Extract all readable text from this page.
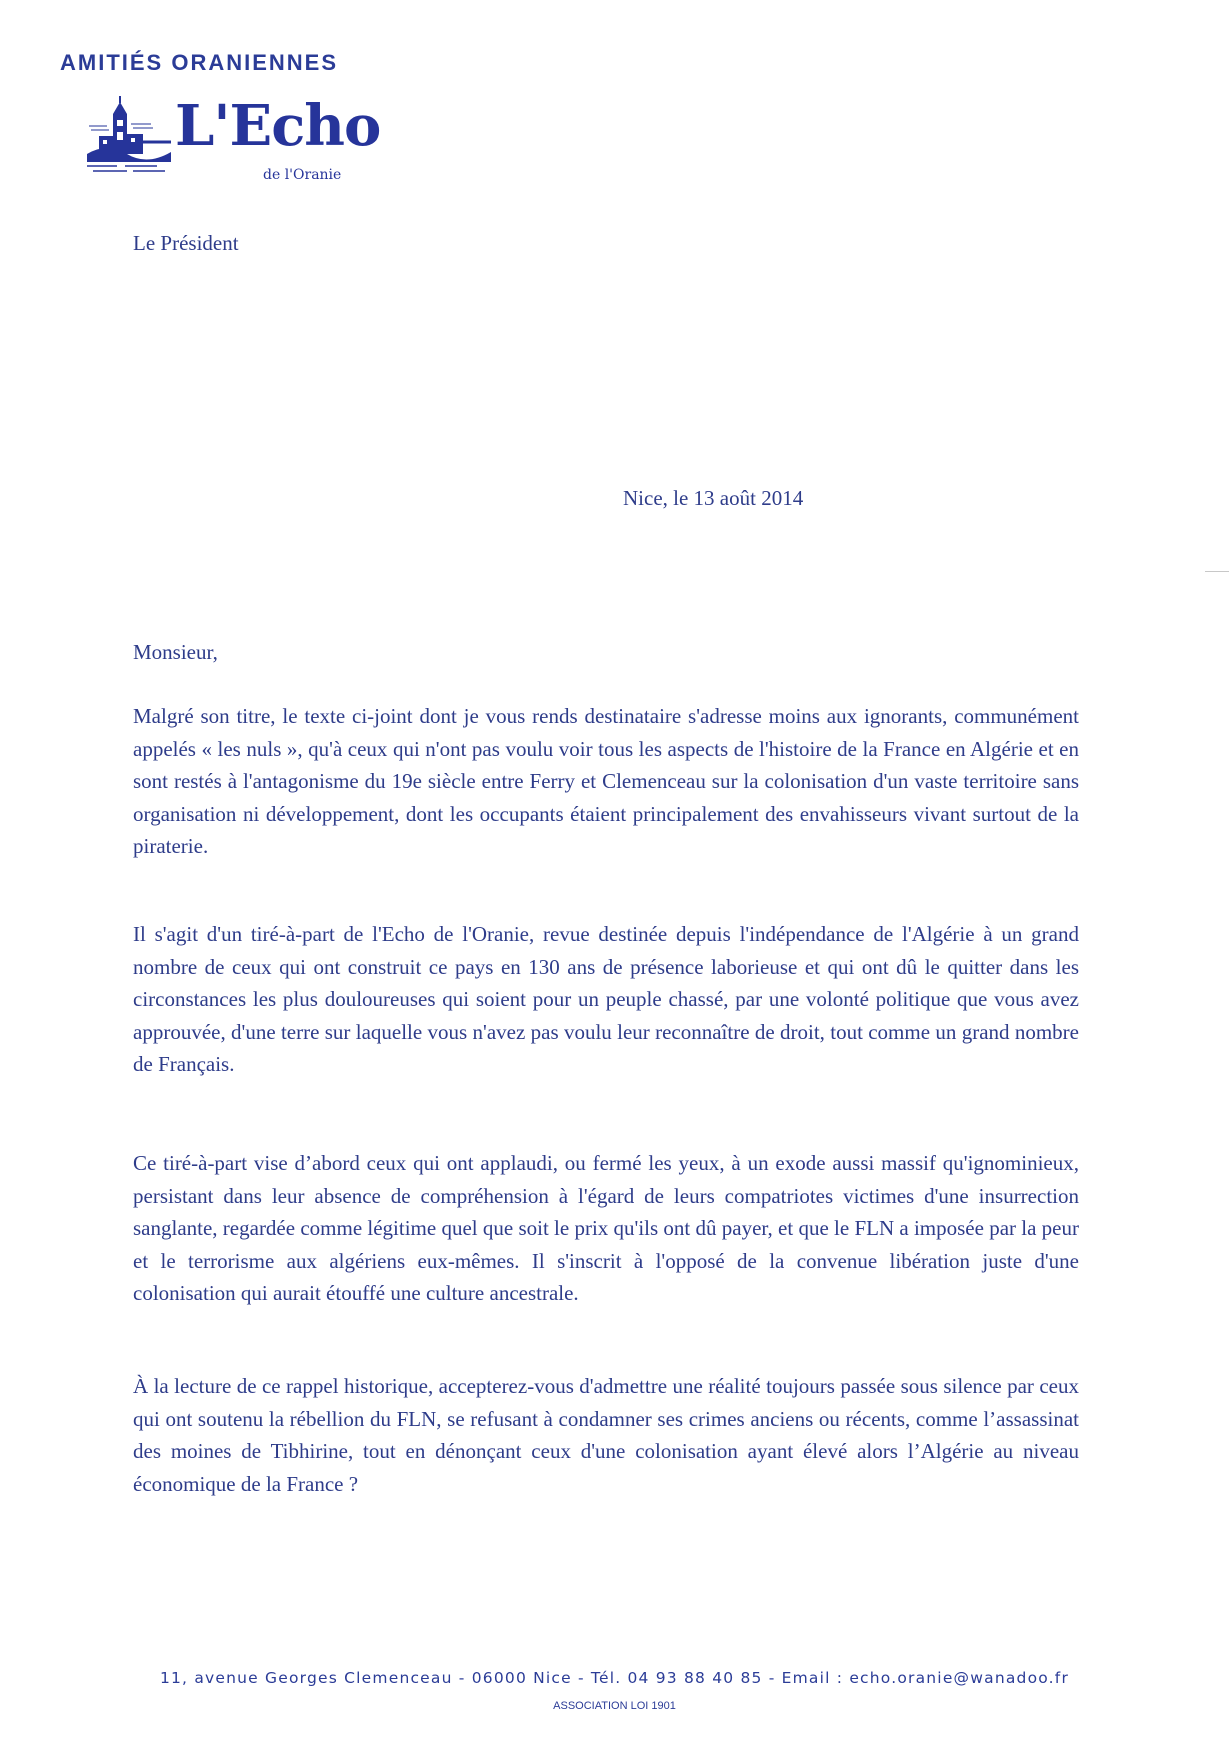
AMITIÉS ORANIENNES
L'Echo
de l'Oranie

Le Président

Nice, le 13 août 2014

Monsieur,

Malgré son titre, le texte ci-joint dont je vous rends destinataire s'adresse moins aux ignorants, communément appelés « les nuls », qu'à ceux qui n'ont pas voulu voir tous les aspects de l'histoire de la France en Algérie et en sont restés à l'antagonisme du 19e siècle entre Ferry et Clemenceau sur la colonisation d'un vaste territoire sans organisation ni développement, dont les occupants étaient principalement des envahisseurs vivant surtout de la piraterie.

Il s'agit d'un tiré-à-part de l'Echo de l'Oranie, revue destinée depuis l'indépendance de l'Algérie à un grand nombre de ceux qui ont construit ce pays en 130 ans de présence laborieuse et qui ont dû le quitter dans les circonstances les plus douloureuses qui soient pour un peuple chassé, par une volonté politique que vous avez approuvée, d'une terre sur laquelle vous n'avez pas voulu leur reconnaître de droit, tout comme un grand nombre de Français.

Ce tiré-à-part vise d’abord ceux qui ont applaudi, ou fermé les yeux, à un exode aussi massif qu'ignominieux, persistant dans leur absence de compréhension à l'égard de leurs compatriotes victimes d'une insurrection sanglante, regardée comme légitime quel que soit le prix qu'ils ont dû payer, et que le FLN a imposée par la peur et le terrorisme aux algériens eux-mêmes. Il s'inscrit à l'opposé de la convenue libération juste d'une colonisation qui aurait étouffé une culture ancestrale.

À la lecture de ce rappel historique, accepterez-vous d'admettre une réalité toujours passée sous silence par ceux qui ont soutenu la rébellion du FLN, se refusant à condamner ses crimes anciens ou récents, comme l’assassinat des moines de Tibhirine, tout en dénonçant ceux d'une colonisation ayant élevé alors l’Algérie au niveau économique de la France ?

11, avenue Georges Clemenceau - 06000 Nice - Tél. 04 93 88 40 85 - Email : echo.oranie@wanadoo.fr

ASSOCIATION LOI 1901
